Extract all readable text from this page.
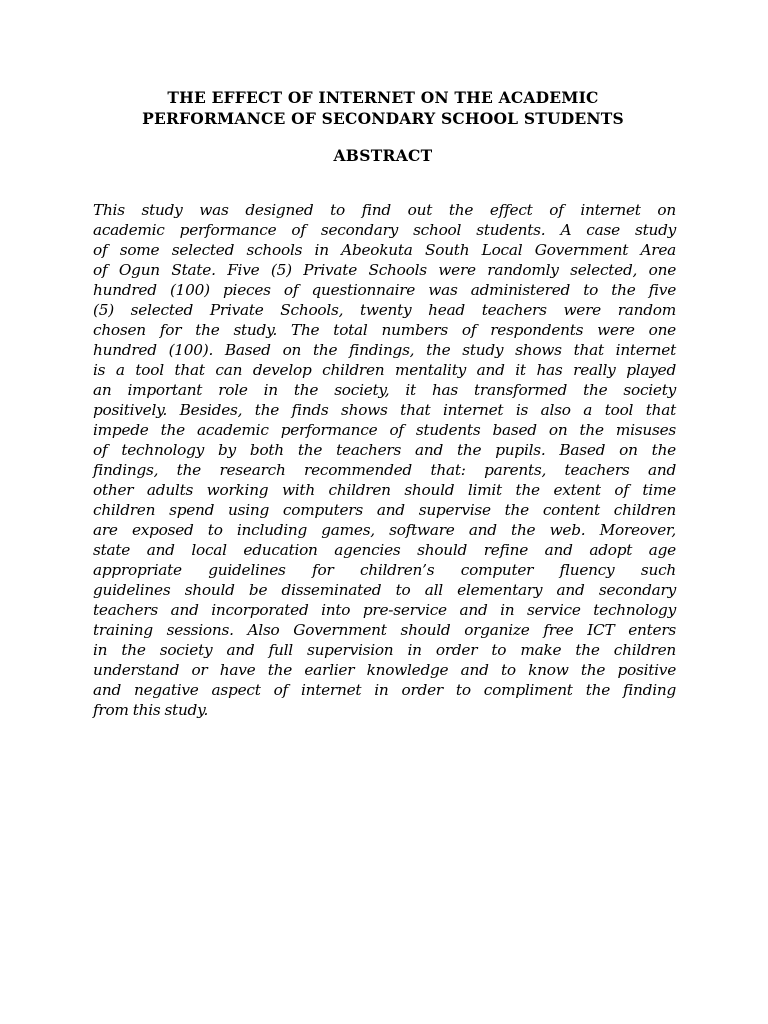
THE EFFECT OF INTERNET ON THE ACADEMIC
PERFORMANCE OF SECONDARY SCHOOL STUDENTS
ABSTRACT
This study was designed to find out the effect of internet on
academic performance of secondary school students. A case study
of some selected schools in Abeokuta South Local Government Area
of Ogun State. Five (5) Private Schools were randomly selected, one
hundred (100) pieces of questionnaire was administered to the five
(5) selected Private Schools, twenty head teachers were random
chosen for the study. The total numbers of respondents were one
hundred (100). Based on the findings, the study shows that internet
is a tool that can develop children mentality and it has really played
an important role in the society, it has transformed the society
positively. Besides, the finds shows that internet is also a tool that
impede the academic performance of students based on the misuses
of technology by both the teachers and the pupils. Based on the
findings, the research recommended that: parents, teachers and
other adults working with children should limit the extent of time
children spend using computers and supervise the content children
are exposed to including games, software and the web. Moreover,
state and local education agencies should refine and adopt age
appropriate guidelines for children’s computer fluency such
guidelines should be disseminated to all elementary and secondary
teachers and incorporated into pre-service and in service technology
training sessions. Also Government should organize free ICT enters
in the society and full supervision in order to make the children
understand or have the earlier knowledge and to know the positive
and negative aspect of internet in order to compliment the finding
from this study.
